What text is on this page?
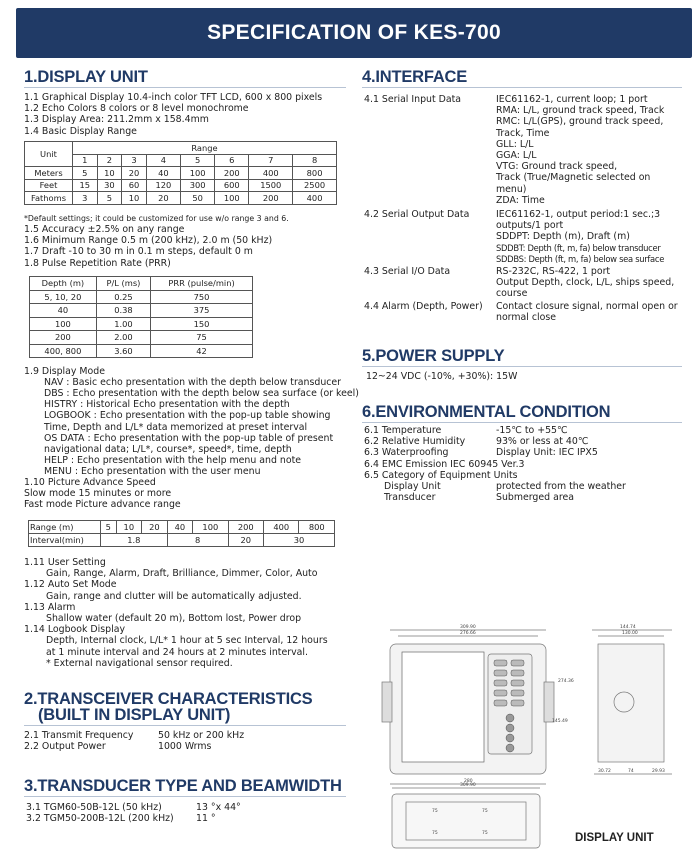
SPECIFICATION OF KES-700
1.DISPLAY UNIT
1.1 Graphical Display 10.4-inch color TFT LCD, 600 x 800 pixels
1.2 Echo Colors 8 colors or 8 level monochrome
1.3 Display Area: 211.2mm x 158.4mm
1.4 Basic Display Range
Unit	Range							
	1	2	3	4	5	6	7	8
Meters	5	10	20	40	100	200	400	800
Feet	15	30	60	120	300	600	1500	2500
Fathoms	3	5	10	20	50	100	200	400
*Default settings; it could be customized for use w/o range 3 and 6.
1.5 Accuracy ±2.5% on any range
1.6 Minimum Range 0.5 m (200 kHz), 2.0 m (50 kHz)
1.7 Draft -10 to 30 m in 0.1 m steps, default 0 m
1.8 Pulse Repetition Rate (PRR)
Depth (m)	P/L (ms)	PRR (pulse/min)
5, 10, 20	0.25	750
40	0.38	375
100	1.00	150
200	2.00	75
400, 800	3.60	42
1.9 Display Mode
NAV : Basic echo presentation with the depth below transducer
DBS : Echo presentation with the depth below sea surface (or keel)
HISTRY : Historical Echo presentation with the depth
LOGBOOK : Echo presentation with the pop-up table showing
Time, Depth and L/L* data memorized at preset interval
OS DATA : Echo presentation with the pop-up table of present
navigational data; L/L*, course*, speed*, time, depth
HELP : Echo presentation with the help menu and note
MENU : Echo presentation with the user menu
1.10 Picture Advance Speed
Slow mode 15 minutes or more
Fast mode Picture advance range
Range (m)	5	10	20	40	100	200	400	800
Interval(min)	1.8			8		20	30	
1.11 User Setting
Gain, Range, Alarm, Draft, Brilliance, Dimmer, Color, Auto
1.12 Auto Set Mode
Gain, range and clutter will be automatically adjusted.
1.13 Alarm
Shallow water (default 20 m), Bottom lost, Power drop
1.14 Logbook Display
Depth, Internal clock, L/L* 1 hour at 5 sec Interval, 12 hours
at 1 minute interval and 24 hours at 2 minutes interval.
* External navigational sensor required.
2.TRANSCEIVER CHARACTERISTICS
(BUILT IN DISPLAY UNIT)
2.1 Transmit Frequency	50 kHz or 200 kHz
2.2 Output Power	1000 Wrms
3.TRANSDUCER TYPE AND BEAMWIDTH
3.1 TGM60-50B-12L (50 kHz)	13 °x 44°
3.2 TGM50-200B-12L (200 kHz) 11 °
4.INTERFACE
4.1 Serial Input Data	IEC61162-1, current loop; 1 port
RMA: L/L, ground track speed, Track
RMC: L/L(GPS), ground track speed,
Track, Time
GLL: L/L
GGA: L/L
VTG: Ground track speed,
Track (True/Magnetic selected on
menu)
ZDA: Time
4.2 Serial Output Data	IEC61162-1, output period:1 sec.;3
outputs/1 port
SDDPT: Depth (m), Draft (m)
SDDBT: Depth (ft, m, fa) below transducer
SDDBS: Depth (ft, m, fa) below sea surface
4.3 Serial I/O Data	RS-232C, RS-422, 1 port
Output Depth, clock, L/L, ships speed,
course
4.4 Alarm (Depth, Power) Contact closure signal, normal open or
normal close
5.POWER SUPPLY
12~24 VDC (-10%, +30%): 15W
6.ENVIRONMENTAL CONDITION
6.1 Temperature	-15℃ to +55℃
6.2 Relative Humidity	93% or less at 40℃
6.3 Waterproofing	Display Unit: IEC IPX5
6.4 EMC Emission IEC 60945 Ver.3
6.5 Category of Equipment Units
Display Unit	protected from the weather
Transducer	Submerged area
309.90
276.66
144.74
130.00
274.36
145.49
280
30.72	74	29.93
309.90
75	75
75	75	DISPLAY UNIT
